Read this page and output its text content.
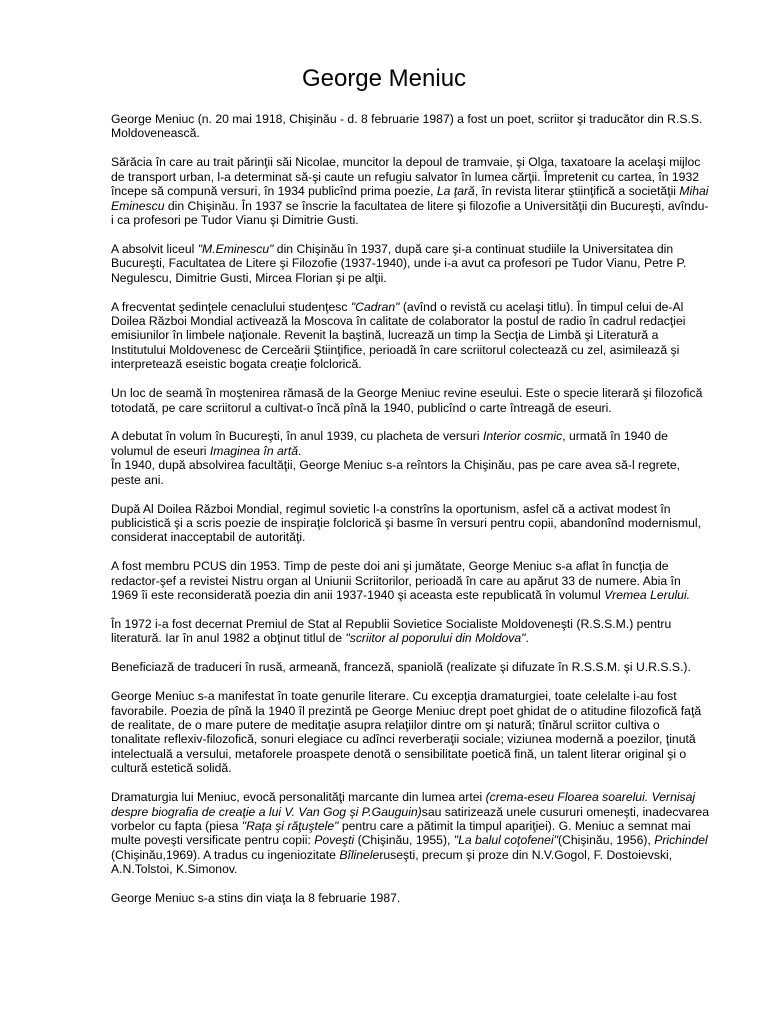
George Meniuc

George Meniuc (n. 20 mai 1918, Chişinău - d. 8 februarie 1987) a fost un poet, scriitor şi traducător din R.S.S. Moldovenească.

Sărăcia în care au trait părinţii săi Nicolae, muncitor la depoul de tramvaie, şi Olga, taxatoare la acelaşi mijloc de transport urban, l-a determinat să-şi caute un refugiu salvator în lumea cărţii. Împretenit cu cartea, în 1932 începe să compună versuri, în 1934 publicînd prima poezie, La ţară, în revista literar ştiinţifică a societăţii Mihai Eminescu din Chişinău. În 1937 se înscrie la facultatea de litere şi filozofie a Universităţii din Bucureşti, avîndu-i ca profesori pe Tudor Vianu şi Dimitrie Gusti.

A absolvit liceul "M.Eminescu" din Chişinău în 1937, după care şi-a continuat studiile la Universitatea din Bucureşti, Facultatea de Litere şi Filozofie (1937-1940), unde i-a avut ca profesori pe Tudor Vianu, Petre P. Negulescu, Dimitrie Gusti, Mircea Florian şi pe alţii.

A frecventat şedinţele cenaclului studenţesc "Cadran" (avînd o revistă cu acelaşi titlu). În timpul celui de-Al Doilea Război Mondial activează la Moscova în calitate de colaborator la postul de radio în cadrul redacţiei emisiunilor în limbele naţionale. Revenit la baştină, lucrează un timp la Secţia de Limbă şi Literatură a Institutului Moldovenesc de Cercеărіі Ştiinţifice, perioadă în care scriitorul colectează cu zel, asimilează şi interpretează eseistic bogata creaţie folclorică.

Un loc de seamă în moştenirea rămasă de la George Meniuc revine eseului. Este o specie literară şi filozofică totodată, pe care scriitorul a cultivat-o încă pînă la 1940, publicînd o carte întreagă de eseuri.

A debutat în volum în Bucureşti, în anul 1939, cu placheta de versuri Interior cosmic, urmată în 1940 de volumul de eseuri Imaginea în artă.
În 1940, după absolvirea facultăţii, George Meniuc s-a reîntors la Chişinău, pas pe care avea să-l regrete, peste ani.

După Al Doilea Război Mondial, regimul sovietic l-a constrîns la oportunism, asfel că a activat modest în publicistică şi a scris poezie de inspiraţie folclorică şi basme în versuri pentru copii, abandonînd modernismul, considerat inacceptabil de autorităţi.

A fost membru PCUS din 1953. Timp de peste doi ani şi jumătate, George Meniuc s-a aflat în funcţia de redactor-şef a revistei Nistru organ al Uniunii Scriitorilor, perioadă în care au apărut 33 de numere. Abia în 1969 îi este reconsiderată poezia din anii 1937-1940 şi aceasta este republicată în volumul Vremea Lerului.

În 1972 i-a fost decernat Premiul de Stat al Republii Sovietice Socialiste Moldoveneşti (R.S.S.M.) pentru literatură. Iar în anul 1982 a obţinut titlul de "scriitor al poporului din Moldova".

Beneficiază de traduceri în rusă, armeană, franceză, spaniolă (realizate şi difuzate în R.S.S.M. şi U.R.S.S.).

George Meniuc s-a manifestat în toate genurile literare. Cu excepţia dramaturgiei, toate celelalte i-au fost favorabile. Poezia de pînă la 1940 îl prezintă pe George Meniuc drept poet ghidat de o atitudine filozofică faţă de realitate, de o mare putere de meditaţie asupra relaţiilor dintre om şi natură; tînărul scriitor cultiva o tonalitate reflexiv-filozofică, sonuri elegiace cu adînci reverberaţii sociale; viziunea modernă a poezilor, ţinută intelectuală a versului, metaforele proaspete denotă o sensibilitate poetică fină, un talent literar original şi o cultură estetică solidă.

Dramaturgia lui Meniuc, evocă personalităţi marcante din lumea artei (crema-eseu Floarea soarelui. Vernisaj despre biografia de creaţie a lui V. Van Gog şi P.Gauguin)sau satirizează unele cusururi omeneşti, inadecvarea vorbelor cu fapta (piesa "Raţa şi răţuştele" pentru care a pătimit la timpul apariţiei). G. Meniuc a semnat mai multe poveşti versificate pentru copii: Poveşti (Chişinău, 1955), "La balul coţofenei"(Chişinău, 1956), Prichindel (Chişinău,1969). A tradus cu ingeniozitate Bîlineleruseşti, precum şi proze din N.V.Gogol, F. Dostoievski, A.N.Tolstoi, K.Simonov.

George Meniuc s-a stins din viaţa la 8 februarie 1987.
